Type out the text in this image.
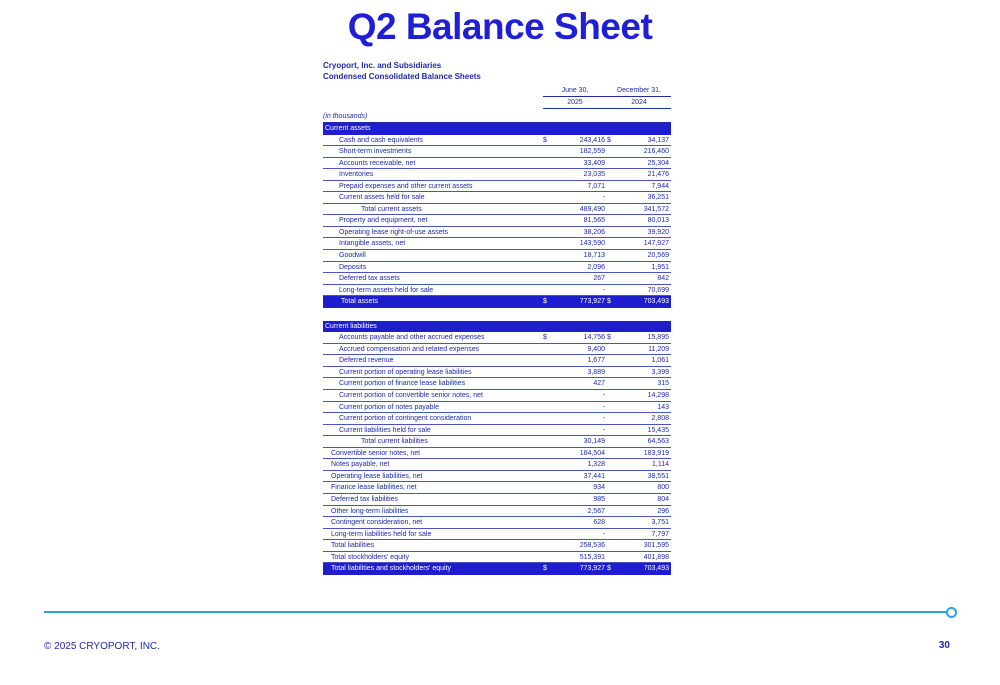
Q2 Balance Sheet
Cryoport, Inc. and Subsidiaries
Condensed Consolidated Balance Sheets
June 30,	December 31,
2025	2024
(in thousands)
Current assets
Cash and cash equivalents	$	243,416 $	34,137
Short-term investments	182,559	216,460
Accounts receivable, net	33,409	25,304
Inventories	23,035	21,476
Prepaid expenses and other current assets	7,071	7,944
Current assets held for sale	-	36,251
Total current assets	489,490	341,572
Property and equipment, net	81,565	80,013
Operating lease right-of-use assets	38,206	39,920
Intangible assets, net	143,590	147,927
Goodwill	18,713	20,569
Deposits	2,096	1,951
Deferred tax assets	267	842
Long-term assets held for sale	-	70,699
Total assets	$	773,927 $	703,493
Current liabilities
Accounts payable and other accrued expenses	$	14,756 $	15,895
Accrued compensation and related expenses	9,400	11,209
Deferred revenue	1,677	1,061
Current portion of operating lease liabilities	3,889	3,399
Current portion of finance lease liabilities	427	315
Current portion of convertible senior notes, net	-	14,298
Current portion of notes payable	-	143
Current portion of contingent consideration	-	2,808
Current liabilities held for sale	-	15,435
Total current liabilities	30,149	64,563
Convertible senior notes, net	184,504	183,919
Notes payable, net	1,328	1,114
Operating lease liabilities, net	37,441	38,551
Finance lease liabilities, net	934	800
Deferred tax liabilities	985	804
Other long-term liabilities	2,567	296
Contingent consideration, net	628	3,751
Long-term liabilities held for sale	-	7,797
Total liabilities	258,536	301,595
Total stockholders' equity	515,391	401,898
Total liabilities and stockholders' equity	$	773,927 $	703,493
© 2025 CRYOPORT, INC.	30
